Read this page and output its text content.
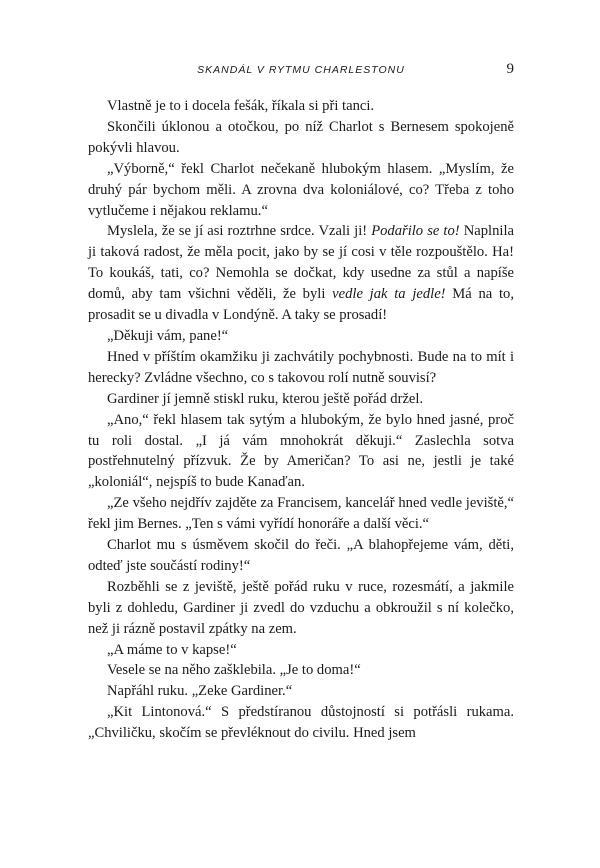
SKANDÁL V RYTMU CHARLESTONU	9

Vlastně je to i docela fešák, říkala si při tanci.

Skončili úklonou a otočkou, po níž Charlot s Bernesem spokojeně pokývli hlavou.

„Výborně,“ řekl Charlot nečekaně hlubokým hlasem. „Myslím, že druhý pár bychom měli. A zrovna dva koloniálové, co? Třeba z toho vytlučeme i nějakou reklamu.“

Myslela, že se jí asi roztrhne srdce. Vzali ji! Podařilo se to! Naplnila ji taková radost, že měla pocit, jako by se jí cosi v těle rozpouštělo. Ha! To koukáš, tati, co? Nemohla se dočkat, kdy usedne za stůl a napíše domů, aby tam všichni věděli, že byli vedle jak ta jedle! Má na to, prosadit se u divadla v Londýně. A taky se prosadí!

„Děkuji vám, pane!“

Hned v příštím okamžiku ji zachvátily pochybnosti. Bude na to mít i herecky? Zvládne všechno, co s takovou rolí nutně souvisí?

Gardiner jí jemně stiskl ruku, kterou ještě pořád držel.

„Ano,“ řekl hlasem tak sytým a hlubokým, že bylo hned jasné, proč tu roli dostal. „I já vám mnohokrát děkuji.“ Zaslechla sotva postřehnutelný přízvuk. Že by Američan? To asi ne, jestli je také „koloniál“, nejspíš to bude Kanaďan.

„Ze všeho nejdřív zajděte za Francisem, kancelář hned vedle jeviště,“ řekl jim Bernes. „Ten s vámi vyřídí honoráře a další věci.“

Charlot mu s úsměvem skočil do řeči. „A blahopřejeme vám, děti, odteď jste součástí rodiny!“

Rozběhli se z jeviště, ještě pořád ruku v ruce, rozesmátí, a jakmile byli z dohledu, Gardiner ji zvedl do vzduchu a obkroužil s ní kolečko, než ji rázně postavil zpátky na zem.

„A máme to v kapse!“

Vesele se na něho zašklebila. „Je to doma!“

Napřáhl ruku. „Zeke Gardiner.“

„Kit Lintonová.“ S předstíranou důstojností si potřásli rukama. „Chviličku, skočím se převléknout do civilu. Hned jsem
